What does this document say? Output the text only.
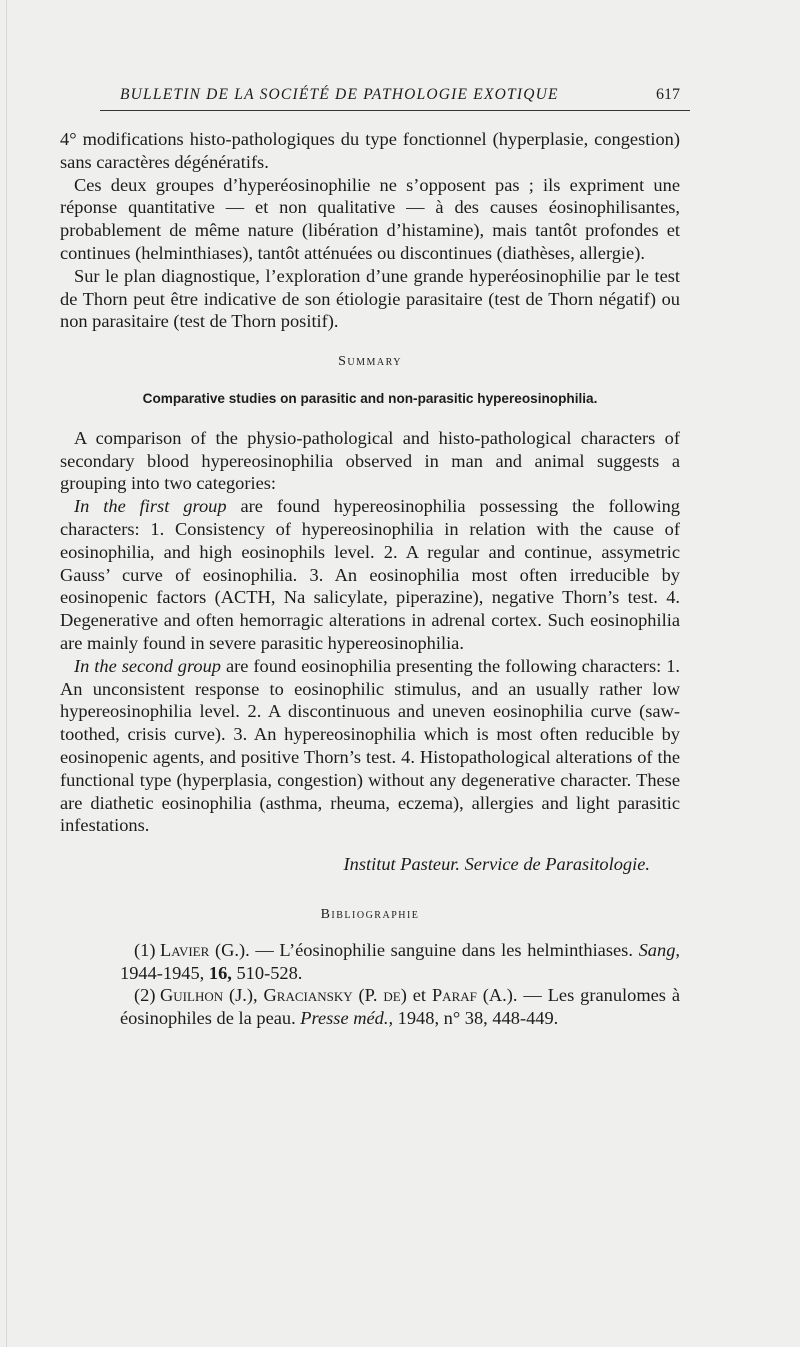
BULLETIN DE LA SOCIÉTÉ DE PATHOLOGIE EXOTIQUE	617

4° modifications histo-pathologiques du type fonctionnel (hyperplasie, congestion) sans caractères dégénératifs.

Ces deux groupes d’hyperéosinophilie ne s’opposent pas ; ils expriment une réponse quantitative — et non qualitative — à des causes éosinophilisantes, probablement de même nature (libération d’histamine), mais tantôt profondes et continues (helminthiases), tantôt atténuées ou discontinues (diathèses, allergie).

Sur le plan diagnostique, l’exploration d’une grande hyperéosinophilie par le test de Thorn peut être indicative de son étiologie parasitaire (test de Thorn négatif) ou non parasitaire (test de Thorn positif).

Summary
Comparative studies on parasitic and non-parasitic hypereosinophilia.

A comparison of the physio-pathological and histo-pathological characters of secondary blood hypereosinophilia observed in man and animal suggests a grouping into two categories:

In the first group are found hypereosinophilia possessing the following characters: 1. Consistency of hypereosinophilia in relation with the cause of eosinophilia, and high eosinophils level. 2. A regular and continue, assymetric Gauss’ curve of eosinophilia. 3. An eosinophilia most often irreducible by eosinopenic factors (ACTH, Na salicylate, piperazine), negative Thorn’s test. 4. Degenerative and often hemorragic alterations in adrenal cortex. Such eosinophilia are mainly found in severe parasitic hypereosinophilia.

In the second group are found eosinophilia presenting the following characters: 1. An unconsistent response to eosinophilic stimulus, and an usually rather low hypereosinophilia level. 2. A discontinuous and uneven eosinophilia curve (saw-toothed, crisis curve). 3. An hypereosinophilia which is most often reducible by eosinopenic agents, and positive Thorn’s test. 4. Histopathological alterations of the functional type (hyperplasia, congestion) without any degenerative character. These are diathetic eosinophilia (asthma, rheuma, eczema), allergies and light parasitic infestations.

Institut Pasteur. Service de Parasitologie.
Bibliographie

(1) Lavier (G.). — L’éosinophilie sanguine dans les helminthiases. Sang, 1944-1945, 16, 510-528.

(2) Guilhon (J.), Graciansky (P. de) et Paraf (A.). — Les granulomes à éosinophiles de la peau. Presse méd., 1948, n° 38, 448-449.
